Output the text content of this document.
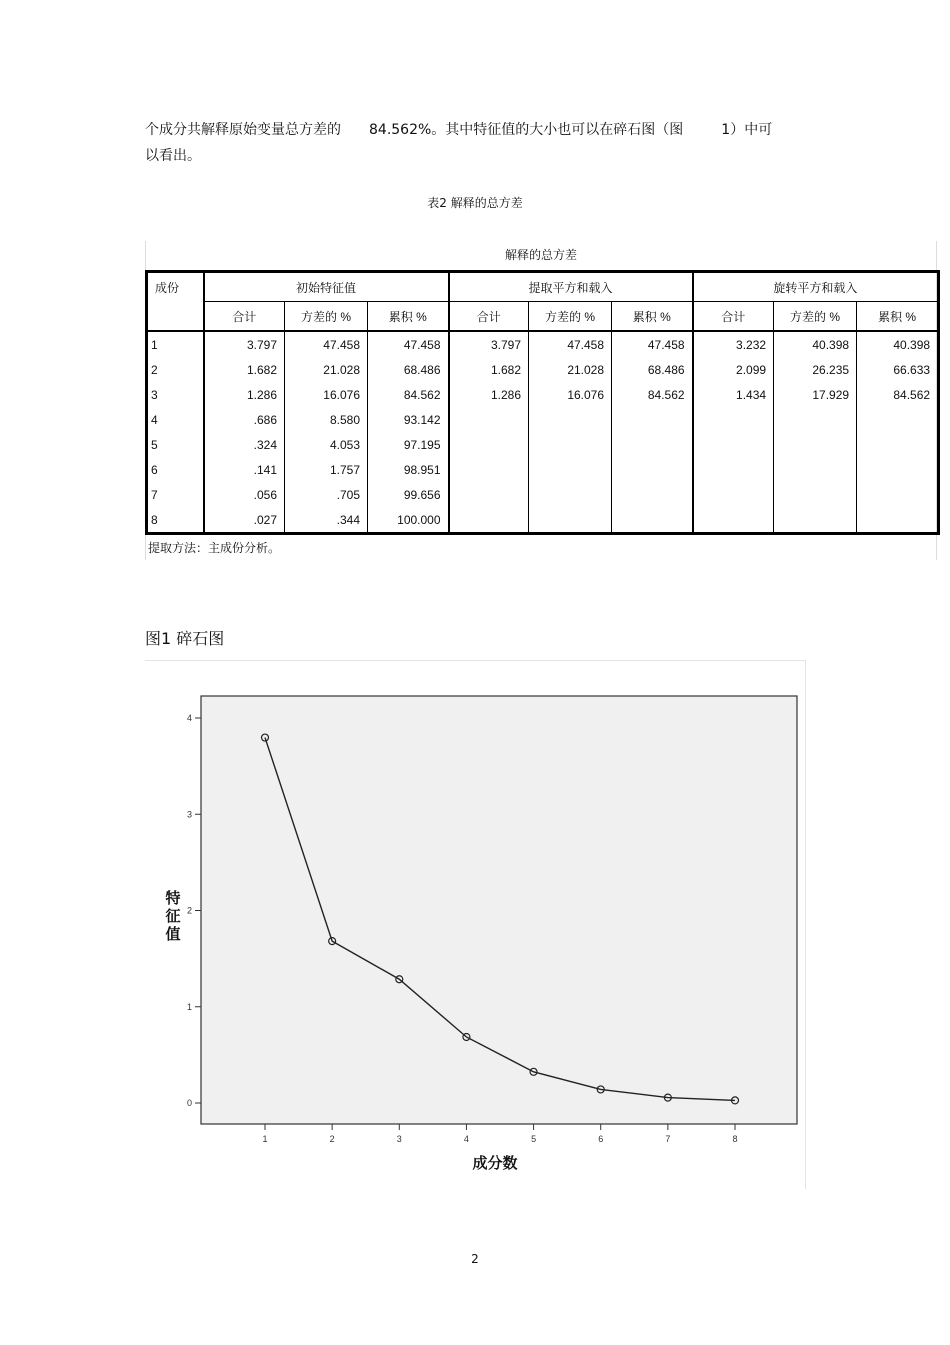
个成分共解释原始变量总方差的 84.562%。其中特征值的大小也可以在碎石图（图	1）中可
以看出。
表2 解释的总方差
解释的总方差
成份	初始特征值			提取平方和载入			旋转平方和载入		
	合计	方差的 %	累积 %	合计	方差的 %	累积 %	合计	方差的 %	累积 %
1	3.797	47.458	47.458	3.797	47.458	47.458	3.232	40.398	40.398
2	1.682	21.028	68.486	1.682	21.028	68.486	2.099	26.235	66.633
3	1.286	16.076	84.562	1.286	16.076	84.562	1.434	17.929	84.562
4	.686	8.580	93.142						
5	.324	4.053	97.195						
6	.141	1.757	98.951						
7	.056	.705	99.656						
8	.027	.344	100.000						
提取方法：主成份分析。
图1 碎石图
0
1
2
3
4
1	2	3	4	5	6	7	8
成分数
特
征
值
2
